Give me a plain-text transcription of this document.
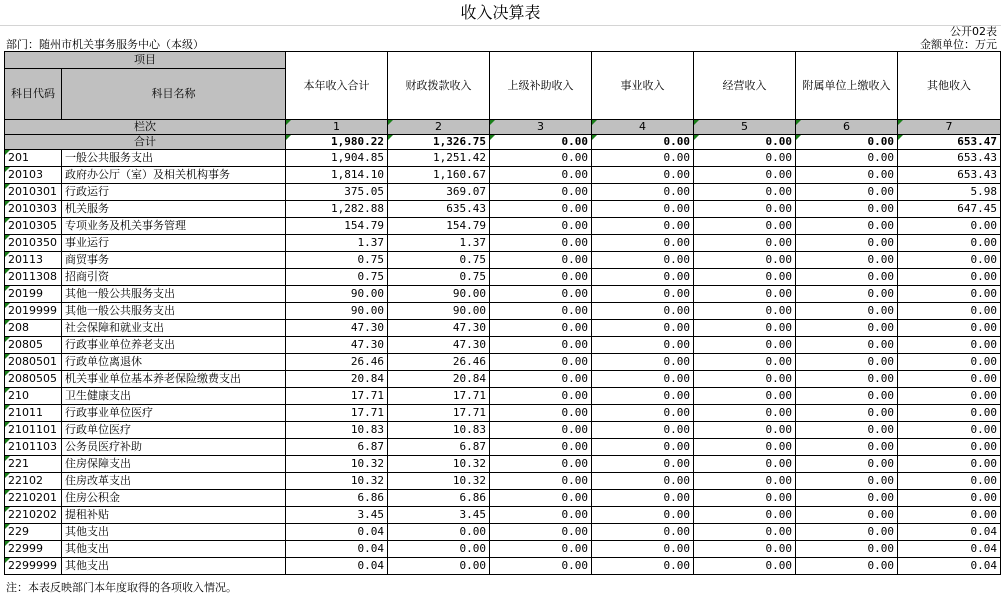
收入决算表
公开02表
部门：随州市机关事务服务中心（本级）	金额单位：万元
项目		本年收入合计	财政拨款收入	上级补助收入	事业收入	经营收入	附属单位上缴收入	其他收入
科目代码	科目名称							

栏次		1	2	3	4	5	6	7
合计		1,980.22	1,326.75	0.00	0.00	0.00	0.00	653.47
201	一般公共服务支出	1,904.85	1,251.42	0.00	0.00	0.00	0.00	653.43
20103	政府办公厅（室）及相关机构事务	1,814.10	1,160.67	0.00	0.00	0.00	0.00	653.43
2010301	行政运行	375.05	369.07	0.00	0.00	0.00	0.00	5.98
2010303	机关服务	1,282.88	635.43	0.00	0.00	0.00	0.00	647.45
2010305	专项业务及机关事务管理	154.79	154.79	0.00	0.00	0.00	0.00	0.00
2010350	事业运行	1.37	1.37	0.00	0.00	0.00	0.00	0.00
20113	商贸事务	0.75	0.75	0.00	0.00	0.00	0.00	0.00
2011308	招商引资	0.75	0.75	0.00	0.00	0.00	0.00	0.00
20199	其他一般公共服务支出	90.00	90.00	0.00	0.00	0.00	0.00	0.00
2019999	其他一般公共服务支出	90.00	90.00	0.00	0.00	0.00	0.00	0.00
208	社会保障和就业支出	47.30	47.30	0.00	0.00	0.00	0.00	0.00
20805	行政事业单位养老支出	47.30	47.30	0.00	0.00	0.00	0.00	0.00
2080501	行政单位离退休	26.46	26.46	0.00	0.00	0.00	0.00	0.00
2080505	机关事业单位基本养老保险缴费支出	20.84	20.84	0.00	0.00	0.00	0.00	0.00
210	卫生健康支出	17.71	17.71	0.00	0.00	0.00	0.00	0.00
21011	行政事业单位医疗	17.71	17.71	0.00	0.00	0.00	0.00	0.00
2101101	行政单位医疗	10.83	10.83	0.00	0.00	0.00	0.00	0.00
2101103	公务员医疗补助	6.87	6.87	0.00	0.00	0.00	0.00	0.00
221	住房保障支出	10.32	10.32	0.00	0.00	0.00	0.00	0.00
22102	住房改革支出	10.32	10.32	0.00	0.00	0.00	0.00	0.00
2210201	住房公积金	6.86	6.86	0.00	0.00	0.00	0.00	0.00
2210202	提租补贴	3.45	3.45	0.00	0.00	0.00	0.00	0.00
229	其他支出	0.04	0.00	0.00	0.00	0.00	0.00	0.04
22999	其他支出	0.04	0.00	0.00	0.00	0.00	0.00	0.04
2299999	其他支出	0.04	0.00	0.00	0.00	0.00	0.00	0.04
注：本表反映部门本年度取得的各项收入情况。
